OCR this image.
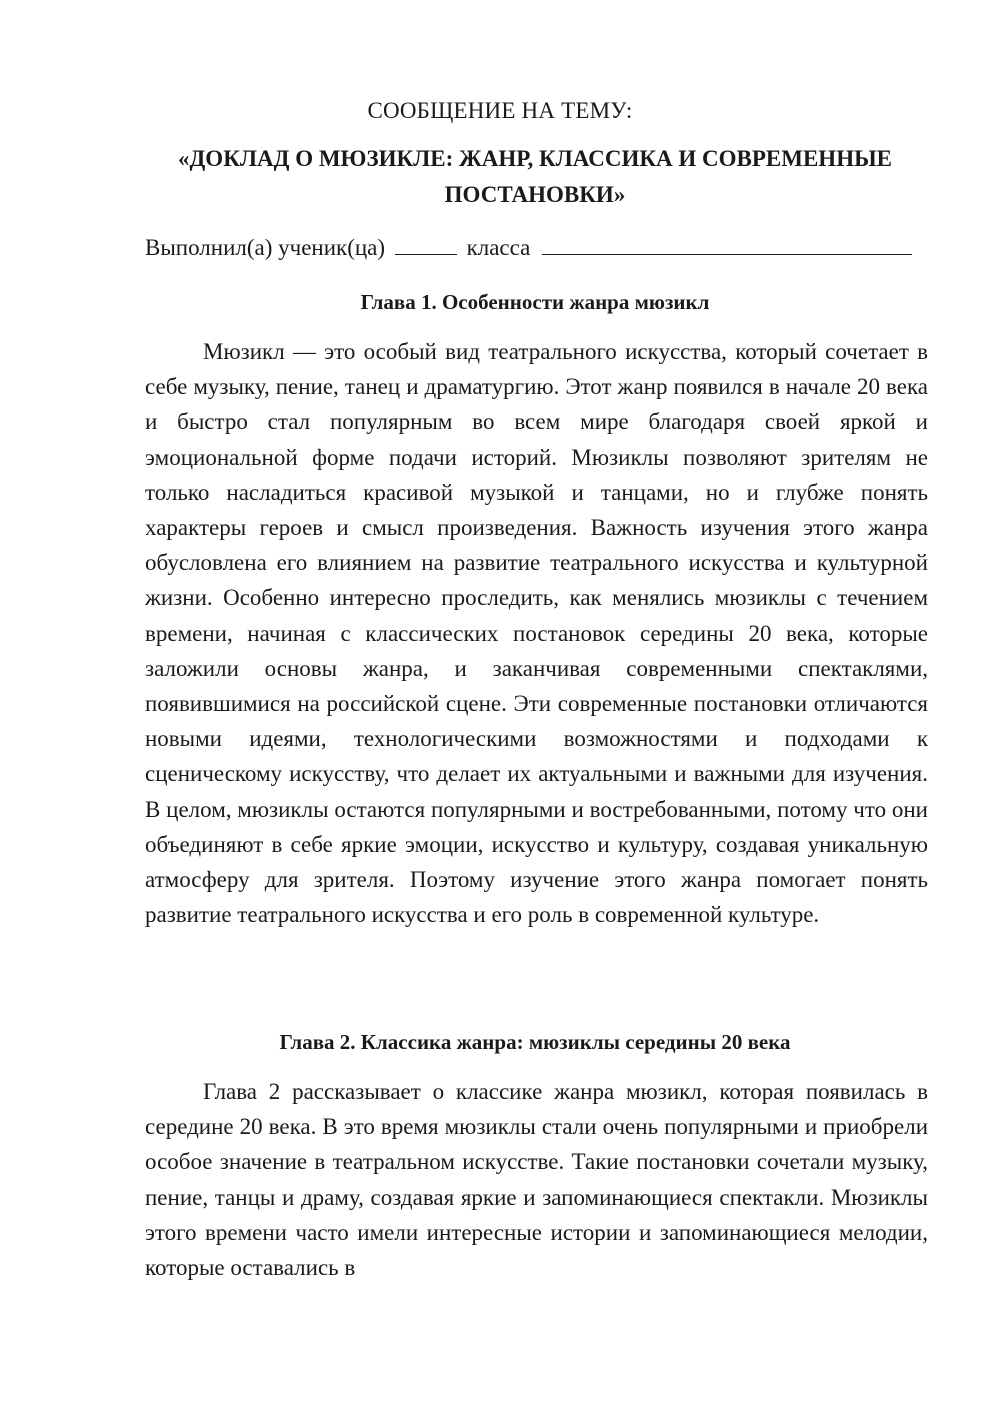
СООБЩЕНИЕ НА ТЕМУ:

«ДОКЛАД О МЮЗИКЛЕ: ЖАНР, КЛАССИКА И СОВРЕМЕННЫЕ ПОСТАНОВКИ»
Выполнил(а) ученик(ца)	класса
Глава 1. Особенности жанра мюзикл

Мюзикл — это особый вид театрального искусства, который сочетает в себе музыку, пение, танец и драматургию. Этот жанр появился в начале 20 века и быстро стал популярным во всем мире благодаря своей яркой и эмоциональной форме подачи историй. Мюзиклы позволяют зрителям не только насладиться красивой музыкой и танцами, но и глубже понять характеры героев и смысл произведения. Важность изучения этого жанра обусловлена его влиянием на развитие театрального искусства и культурной жизни. Особенно интересно проследить, как менялись мюзиклы с течением времени, начиная с классических постановок середины 20 века, которые заложили основы жанра, и заканчивая современными спектаклями, появившимися на российской сцене. Эти современные постановки отличаются новыми идеями, технологическими возможностями и подходами к сценическому искусству, что делает их актуальными и важными для изучения. В целом, мюзиклы остаются популярными и востребованными, потому что они объединяют в себе яркие эмоции, искусство и культуру, создавая уникальную атмосферу для зрителя. Поэтому изучение этого жанра помогает понять развитие театрального искусства и его роль в современной культуре.

Глава 2. Классика жанра: мюзиклы середины 20 века

Глава 2 рассказывает о классике жанра мюзикл, которая появилась в середине 20 века. В это время мюзиклы стали очень популярными и приобрели особое значение в театральном искусстве. Такие постановки сочетали музыку, пение, танцы и драму, создавая яркие и запоминающиеся спектакли. Мюзиклы этого времени часто имели интересные истории и запоминающиеся мелодии, которые оставались в
